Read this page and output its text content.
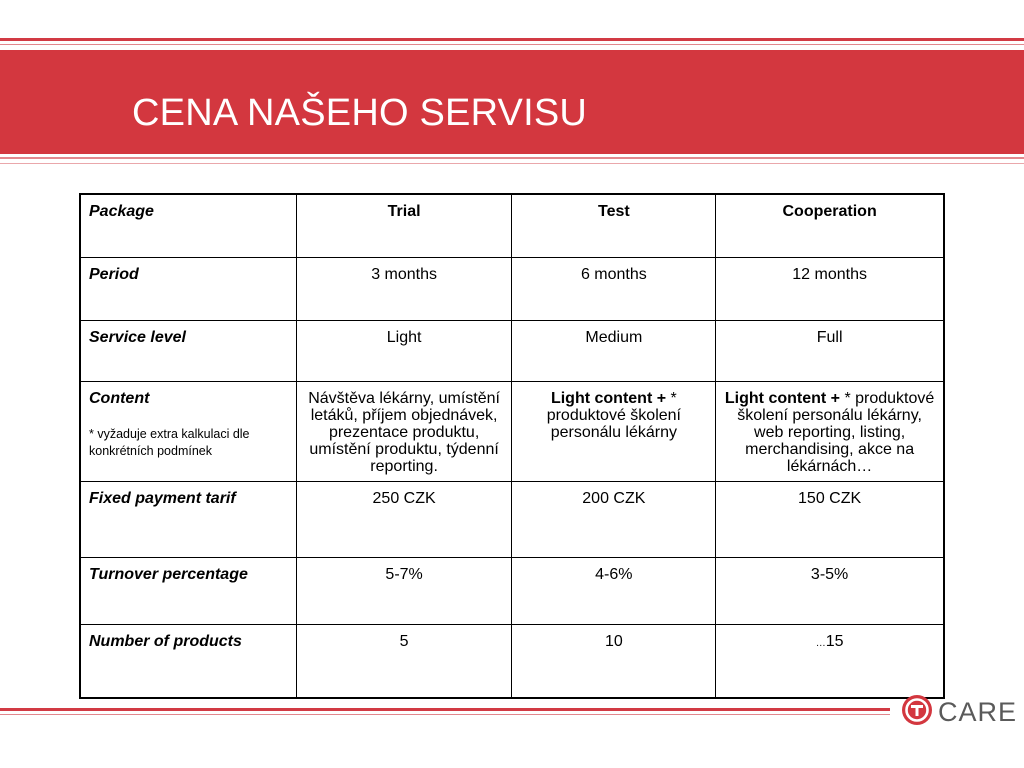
CENA NAŠEHO SERVISU
Package	Trial	Test	Cooperation
Period	3 months	6 months	12 months
Service level	Light	Medium	Full
Content
* vyžaduje extra kalkulaci dle konkrétních podmínek	Návštěva lékárny, umístění letáků, příjem objednávek, prezentace produktu, umístění produktu, týdenní reporting.	Light content + * produktové školení personálu lékárny	Light content + * produktové školení personálu lékárny, web reporting, listing, merchandising, akce na lékárnách…
Fixed payment tarif	250 CZK	200 CZK	150 CZK
Turnover percentage	5-7%	4-6%	3-5%
Number of products	5	10	…15
CARE
